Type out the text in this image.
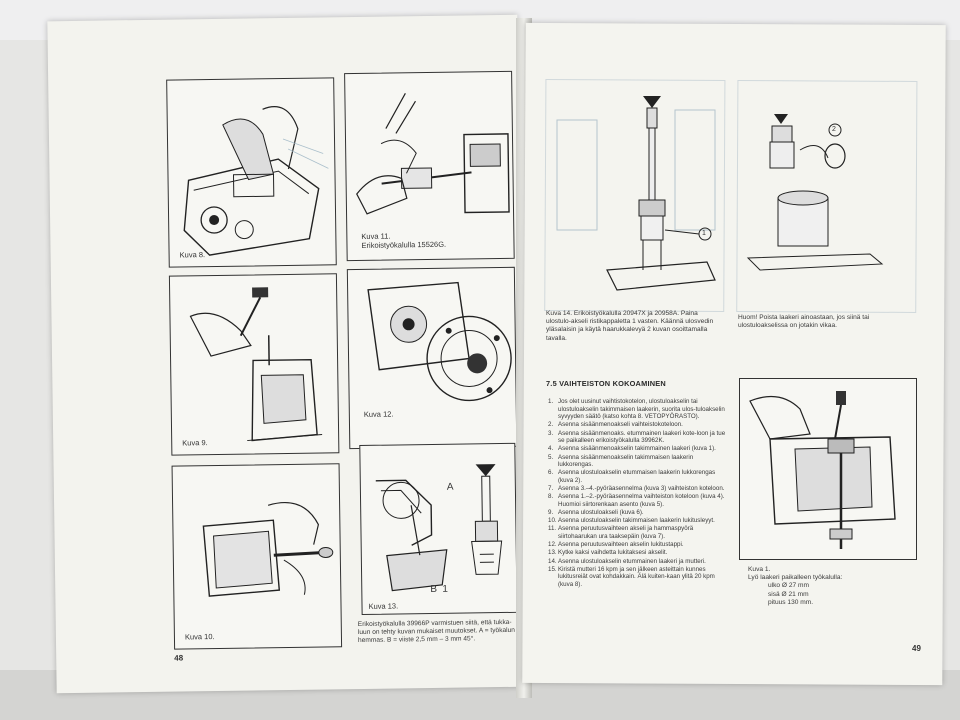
Kuva 8.
Kuva 11.
Erikoistyökalulla 15526G.
Kuva 9.
Kuva 12.
Kuva 10.
A
B 1
Kuva 13.
Erikoistyökalulla 39966P varmistuen siitä, että tukka-luun on tehty kuvan mukaiset muutokset. A = työkalun hemmas. B = viiste 2,5 mm – 3 mm 45°.
48
1
Kuva 14. Erikoistyökalulla 20947X ja 20958A. Paina ulostulo-akseli ristikappaletta 1 vasten. Käännä ulosvedin yläsalaisin ja käytä haarukkalevyä 2 kuvan osoittamalla tavalla.
2
Huom! Poista laakeri ainoastaan, jos siinä tai ulostuloakselissa on jotakin vikaa.
7.5 VAIHTEISTON KOKOAMINEN
1. Jos olet uusinut vaihtistokotelon, ulostuloakselin tai ulostuloakselin takimmaisen laakerin, suorita ulos-tuloakselin syvyyden säätö (katso kohta 8. VETOPYÖRASTO).
2. Asenna sisäänmenoakseli vaihteistokoteloon.
3. Asenna sisäänmenoaks. etummainen laakeri kote-loon ja tue se paikalleen erikoistyökalulla 39962K.
4. Asenna sisäänmenoakselin takimmainen laakeri (kuva 1).
5. Asenna sisäänmenoakselin takimmaisen laakerin lukkorengas.
6. Asenna ulostuloakselin etummaisen laakerin lukkorengas (kuva 2).
7. Asenna 3.–4.-pyöräasennelma (kuva 3) vaihteiston koteloon.
8. Asenna 1.–2.-pyöräasennelma vaihteiston koteloon (kuva 4). Huomioi siirtorenkaan asento (kuva 5).
9. Asenna ulostuloakseli (kuva 6).
10. Asenna ulostuloakselin takimmaisen laakerin lukitusleyyt.
11. Asenna peruutusvaihteen akseli ja hammaspyörä siirtohaarukan ura taaksepäin (kuva 7).
12. Asenna peruutusvaihteen akselin lukitustappi.
13. Kytke kaksi vaihdetta lukitaksesi akselit.
14. Asenna ulostuloakselin etummainen laakeri ja mutteri.
15. Kiristä mutteri 16 kpm ja sen jälkeen asteittain kunnes lukitusreiät ovat kohdakkain. Älä kuiten-kaan ylitä 20 kpm (kuva 8).
Kuva 1.
Lyö laakeri paikalleen työkalulla:
ulko Ø 27 mm
sisä Ø 21 mm
pituus 130 mm.
49
